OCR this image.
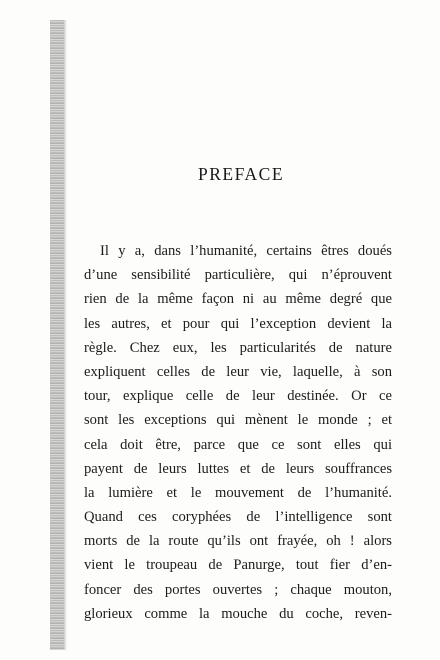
PREFACE
Il y a, dans l’humanité, certains êtres doués
d’une sensibilité particulière, qui n’éprouvent
rien de la même façon ni au même degré que
les autres, et pour qui l’exception devient la
règle. Chez eux, les particularités de nature
expliquent celles de leur vie, laquelle, à son
tour, explique celle de leur destinée. Or ce
sont les exceptions qui mènent le monde ; et
cela doit être, parce que ce sont elles qui
payent de leurs luttes et de leurs souffrances
la lumière et le mouvement de l’humanité.
Quand ces coryphées de l’intelligence sont
morts de la route qu’ils ont frayée, oh ! alors
vient le troupeau de Panurge, tout fier d’en-
foncer des portes ouvertes ; chaque mouton,
glorieux comme la mouche du coche, reven-
